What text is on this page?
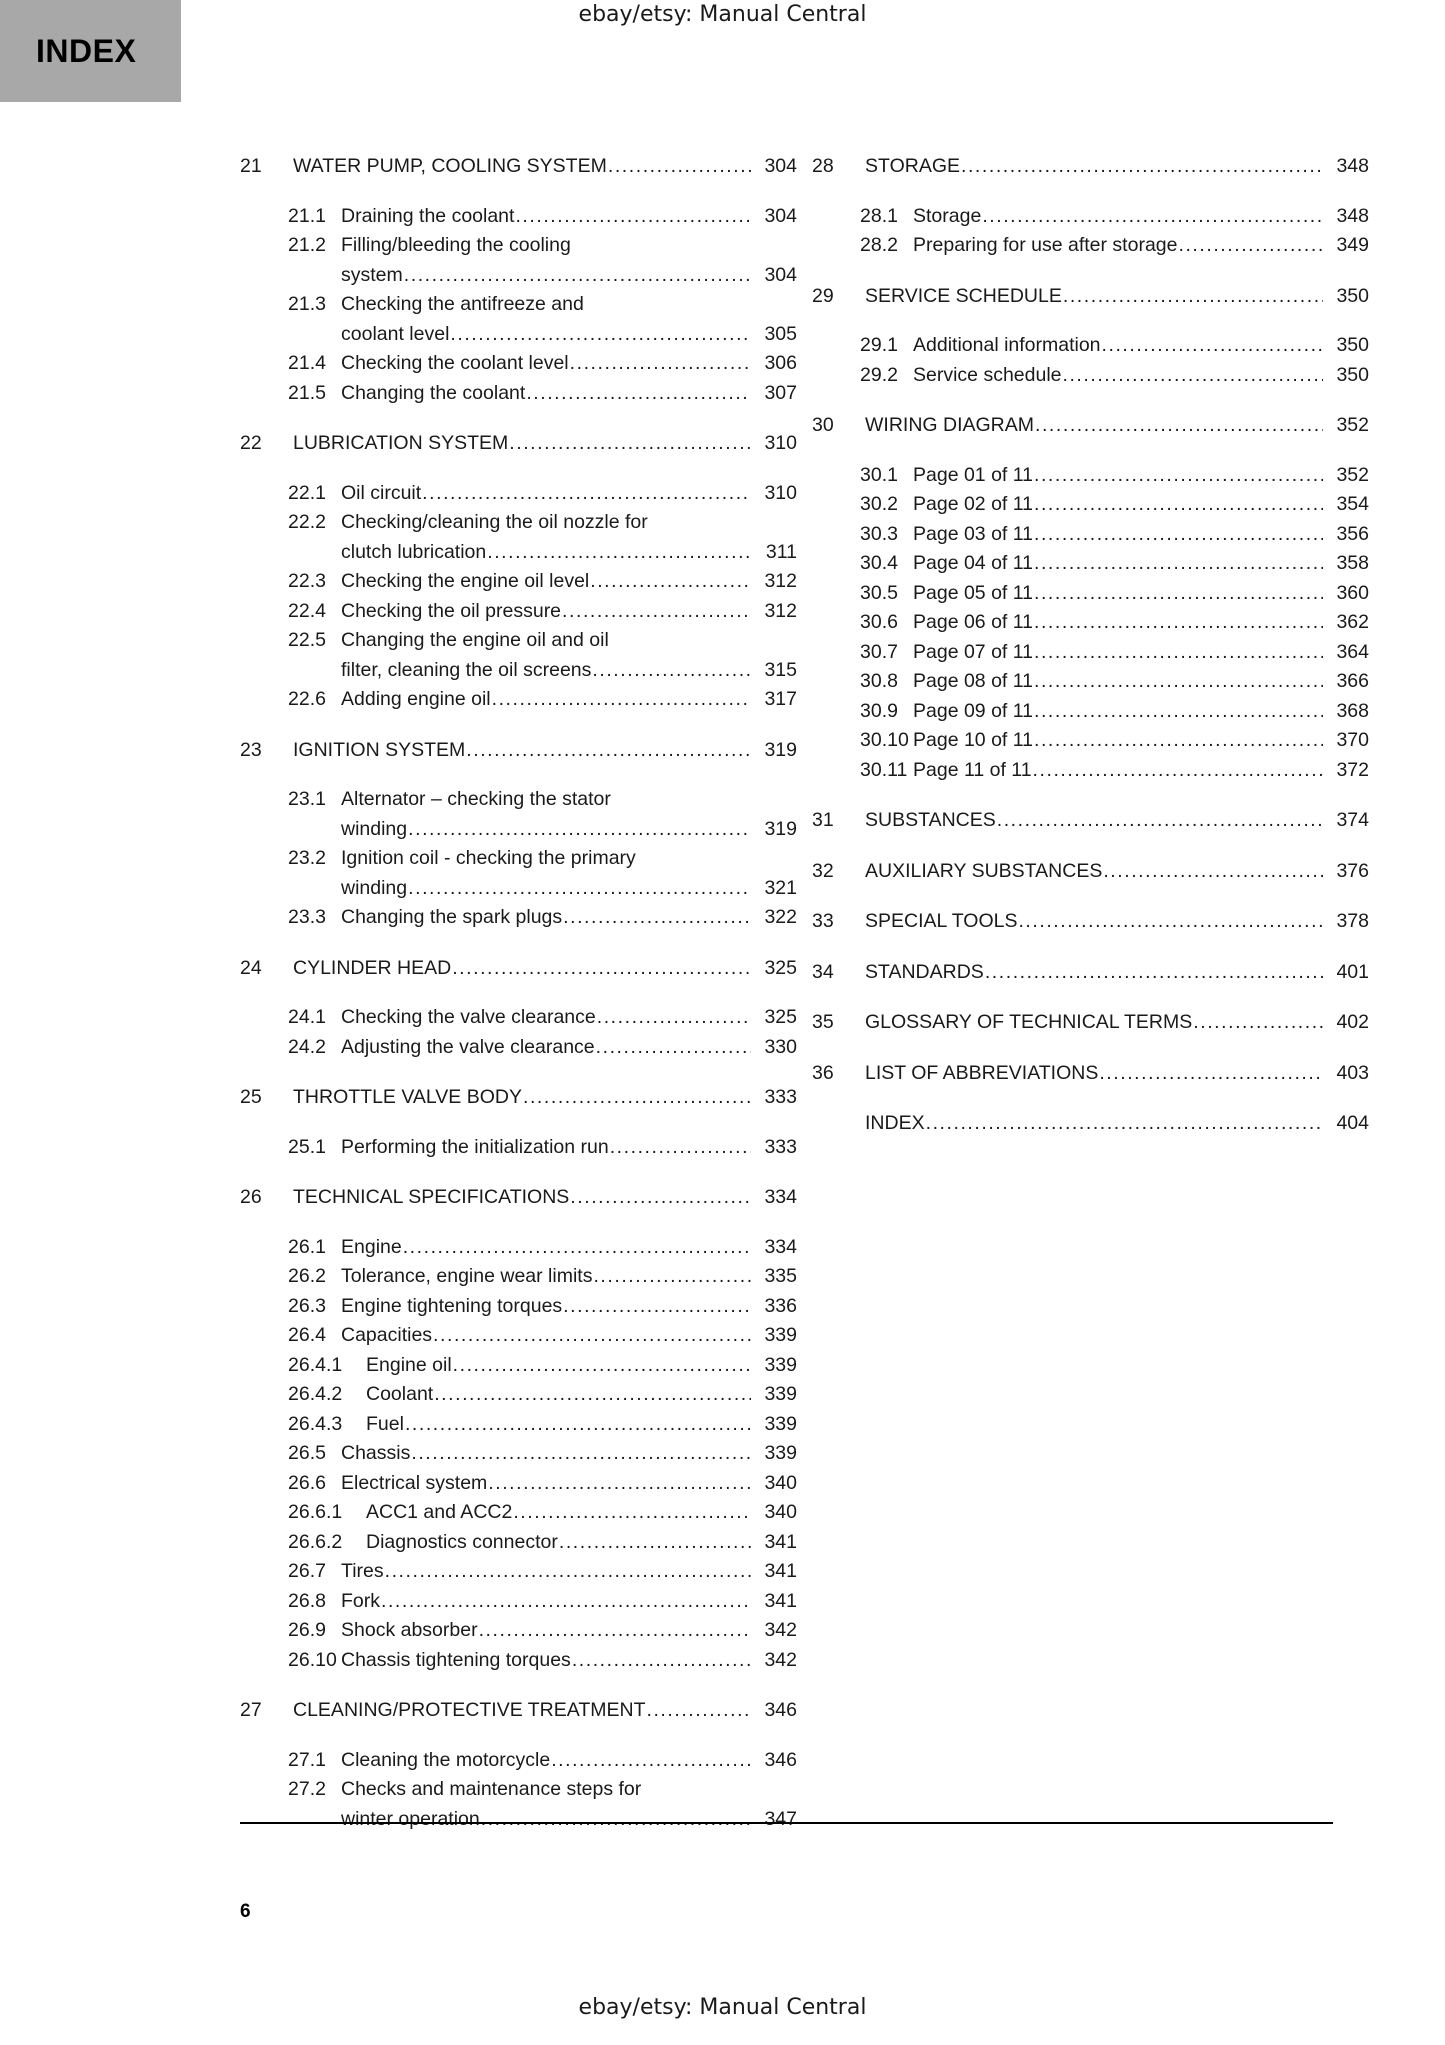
INDEX
ebay/etsy: Manual Central
21	WATER PUMP, COOLING SYSTEM .....	304
21.1 Draining the coolant .....	304
21.2 Filling/bleeding the cooling
system .....	304
21.3 Checking the antifreeze and
coolant level .....	305
21.4 Checking the coolant level .....	306
21.5 Changing the coolant .....	307
22	LUBRICATION SYSTEM .....	310
22.1 Oil circuit .....	310
22.2 Checking/cleaning the oil nozzle for
clutch lubrication .....	311
22.3 Checking the engine oil level .....	312
22.4 Checking the oil pressure .....	312
22.5 Changing the engine oil and oil
filter, cleaning the oil screens .....	315
22.6 Adding engine oil .....	317
23	IGNITION SYSTEM .....	319
23.1 Alternator – checking the stator
winding .....	319
23.2 Ignition coil - checking the primary
winding .....	321
23.3 Changing the spark plugs .....	322
24	CYLINDER HEAD .....	325
24.1 Checking the valve clearance .....	325
24.2 Adjusting the valve clearance .....	330
25	THROTTLE VALVE BODY .....	333
25.1 Performing the initialization run .....	333
26	TECHNICAL SPECIFICATIONS .....	334
26.1 Engine .....	334
26.2 Tolerance, engine wear limits .....	335
26.3 Engine tightening torques .....	336
26.4 Capacities .....	339
26.4.1	Engine oil .....	339
26.4.2	Coolant .....	339
26.4.3	Fuel .....	339
26.5 Chassis .....	339
26.6 Electrical system .....	340
26.6.1	ACC1 and ACC2 .....	340
26.6.2	Diagnostics connector .....	341
26.7 Tires .....	341
26.8 Fork .....	341
26.9 Shock absorber .....	342
26.10 Chassis tightening torques .....	342
27	CLEANING/PROTECTIVE TREATMENT .....	346
27.1 Cleaning the motorcycle .....	346
27.2 Checks and maintenance steps for
winter operation .....	347
28	STORAGE .....	348
28.1 Storage .....	348
28.2 Preparing for use after storage .....	349
29	SERVICE SCHEDULE .....	350
29.1 Additional information .....	350
29.2 Service schedule .....	350
30	WIRING DIAGRAM .....	352
30.1 Page 01 of 11 .....	352
30.2 Page 02 of 11 .....	354
30.3 Page 03 of 11 .....	356
30.4 Page 04 of 11 .....	358
30.5 Page 05 of 11 .....	360
30.6 Page 06 of 11 .....	362
30.7 Page 07 of 11 .....	364
30.8 Page 08 of 11 .....	366
30.9 Page 09 of 11 .....	368
30.10 Page 10 of 11 .....	370
30.11 Page 11 of 11 .....	372
31	SUBSTANCES .....	374
32	AUXILIARY SUBSTANCES .....	376
33	SPECIAL TOOLS .....	378
34	STANDARDS .....	401
35	GLOSSARY OF TECHNICAL TERMS .....	402
36	LIST OF ABBREVIATIONS .....	403
INDEX .....	404
6
ebay/etsy: Manual Central
